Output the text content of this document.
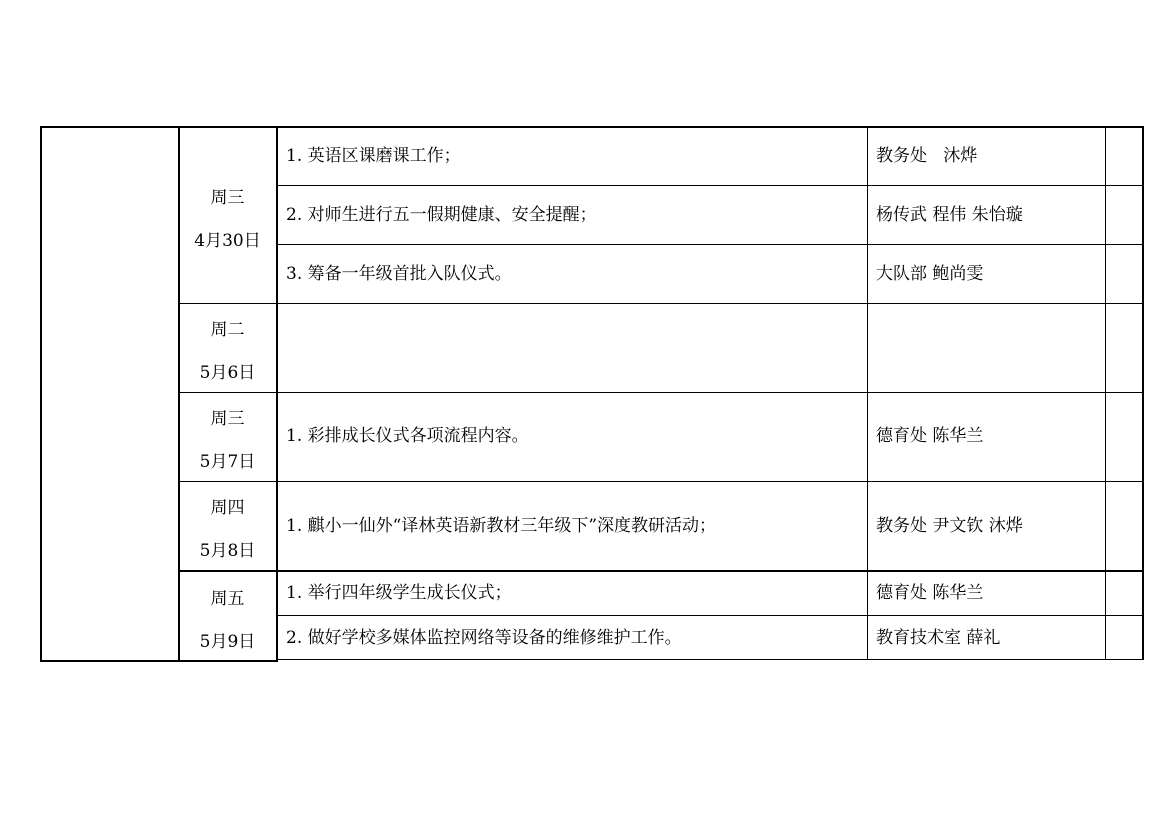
周三
4月30日
1. 英语区课磨课工作；	教务处   沐烨
2. 对师生进行五一假期健康、安全提醒；	杨传武 程伟 朱怡璇
3. 筹备一年级首批入队仪式。	大队部 鲍尚雯
周二
5月6日
周三
5月7日
1. 彩排成长仪式各项流程内容。	德育处 陈华兰
周四
5月8日
1. 麒小一仙外“译林英语新教材三年级下”深度教研活动；	教务处 尹文钦 沐烨
周五
5月9日
1. 举行四年级学生成长仪式；	德育处 陈华兰
2. 做好学校多媒体监控网络等设备的维修维护工作。	教育技术室 薛礼
